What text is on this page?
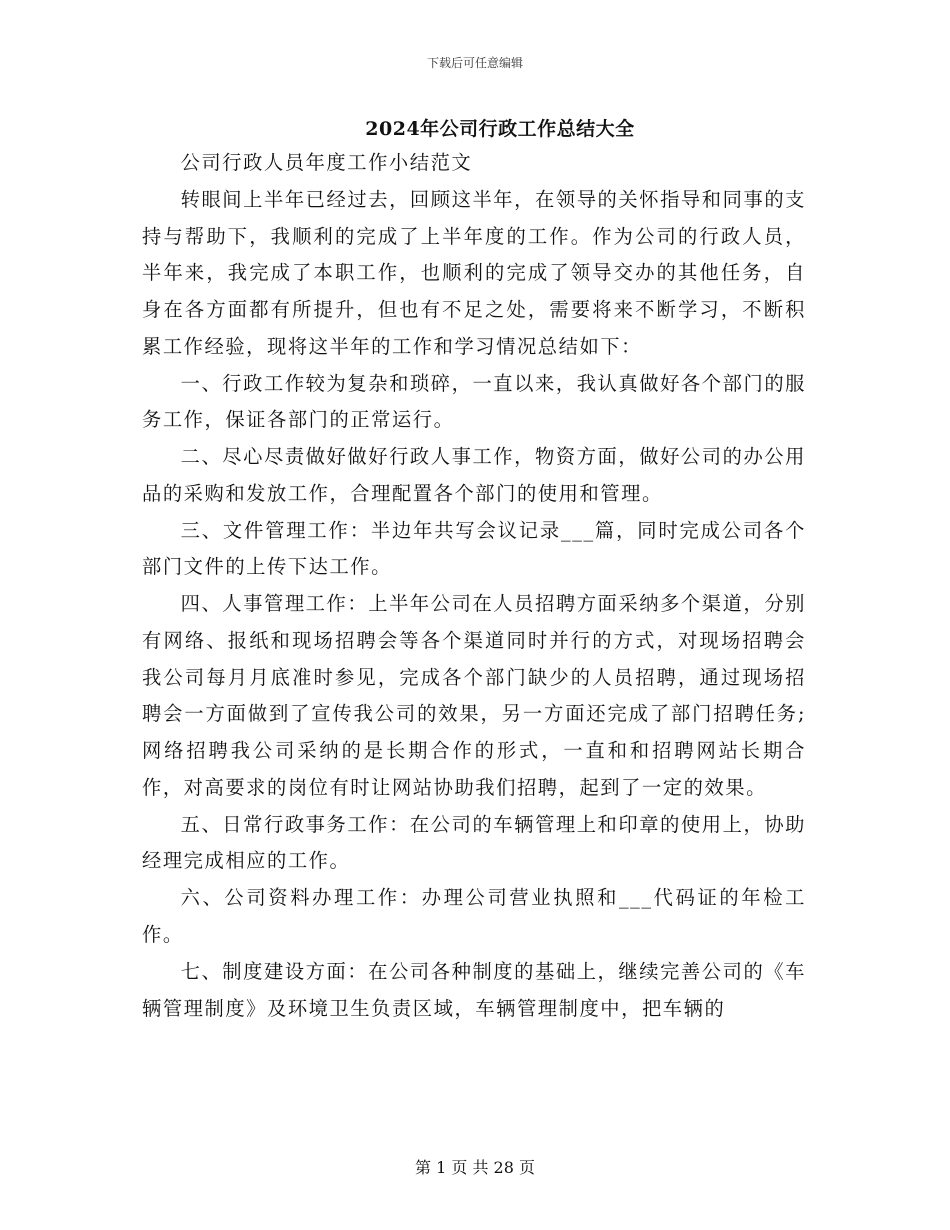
下载后可任意编辑
2024年公司行政工作总结大全

公司行政人员年度工作小结范文

转眼间上半年已经过去，回顾这半年，在领导的关怀指导和同事的支持与帮助下，我顺利的完成了上半年度的工作。作为公司的行政人员，半年来，我完成了本职工作，也顺利的完成了领导交办的其他任务，自身在各方面都有所提升，但也有不足之处，需要将来不断学习，不断积累工作经验，现将这半年的工作和学习情况总结如下：

一、行政工作较为复杂和琐碎，一直以来，我认真做好各个部门的服务工作，保证各部门的正常运行。

二、尽心尽责做好做好行政人事工作，物资方面，做好公司的办公用品的采购和发放工作，合理配置各个部门的使用和管理。

三、文件管理工作：半边年共写会议记录___篇，同时完成公司各个部门文件的上传下达工作。

四、人事管理工作：上半年公司在人员招聘方面采纳多个渠道，分别有网络、报纸和现场招聘会等各个渠道同时并行的方式，对现场招聘会我公司每月月底准时参见，完成各个部门缺少的人员招聘，通过现场招聘会一方面做到了宣传我公司的效果，另一方面还完成了部门招聘任务;网络招聘我公司采纳的是长期合作的形式，一直和和招聘网站长期合作，对高要求的岗位有时让网站协助我们招聘，起到了一定的效果。

五、日常行政事务工作：在公司的车辆管理上和印章的使用上，协助经理完成相应的工作。

六、公司资料办理工作：办理公司营业执照和___代码证的年检工作。

七、制度建设方面：在公司各种制度的基础上，继续完善公司的《车辆管理制度》及环境卫生负责区域，车辆管理制度中，把车辆的

第 1 页 共 28 页
